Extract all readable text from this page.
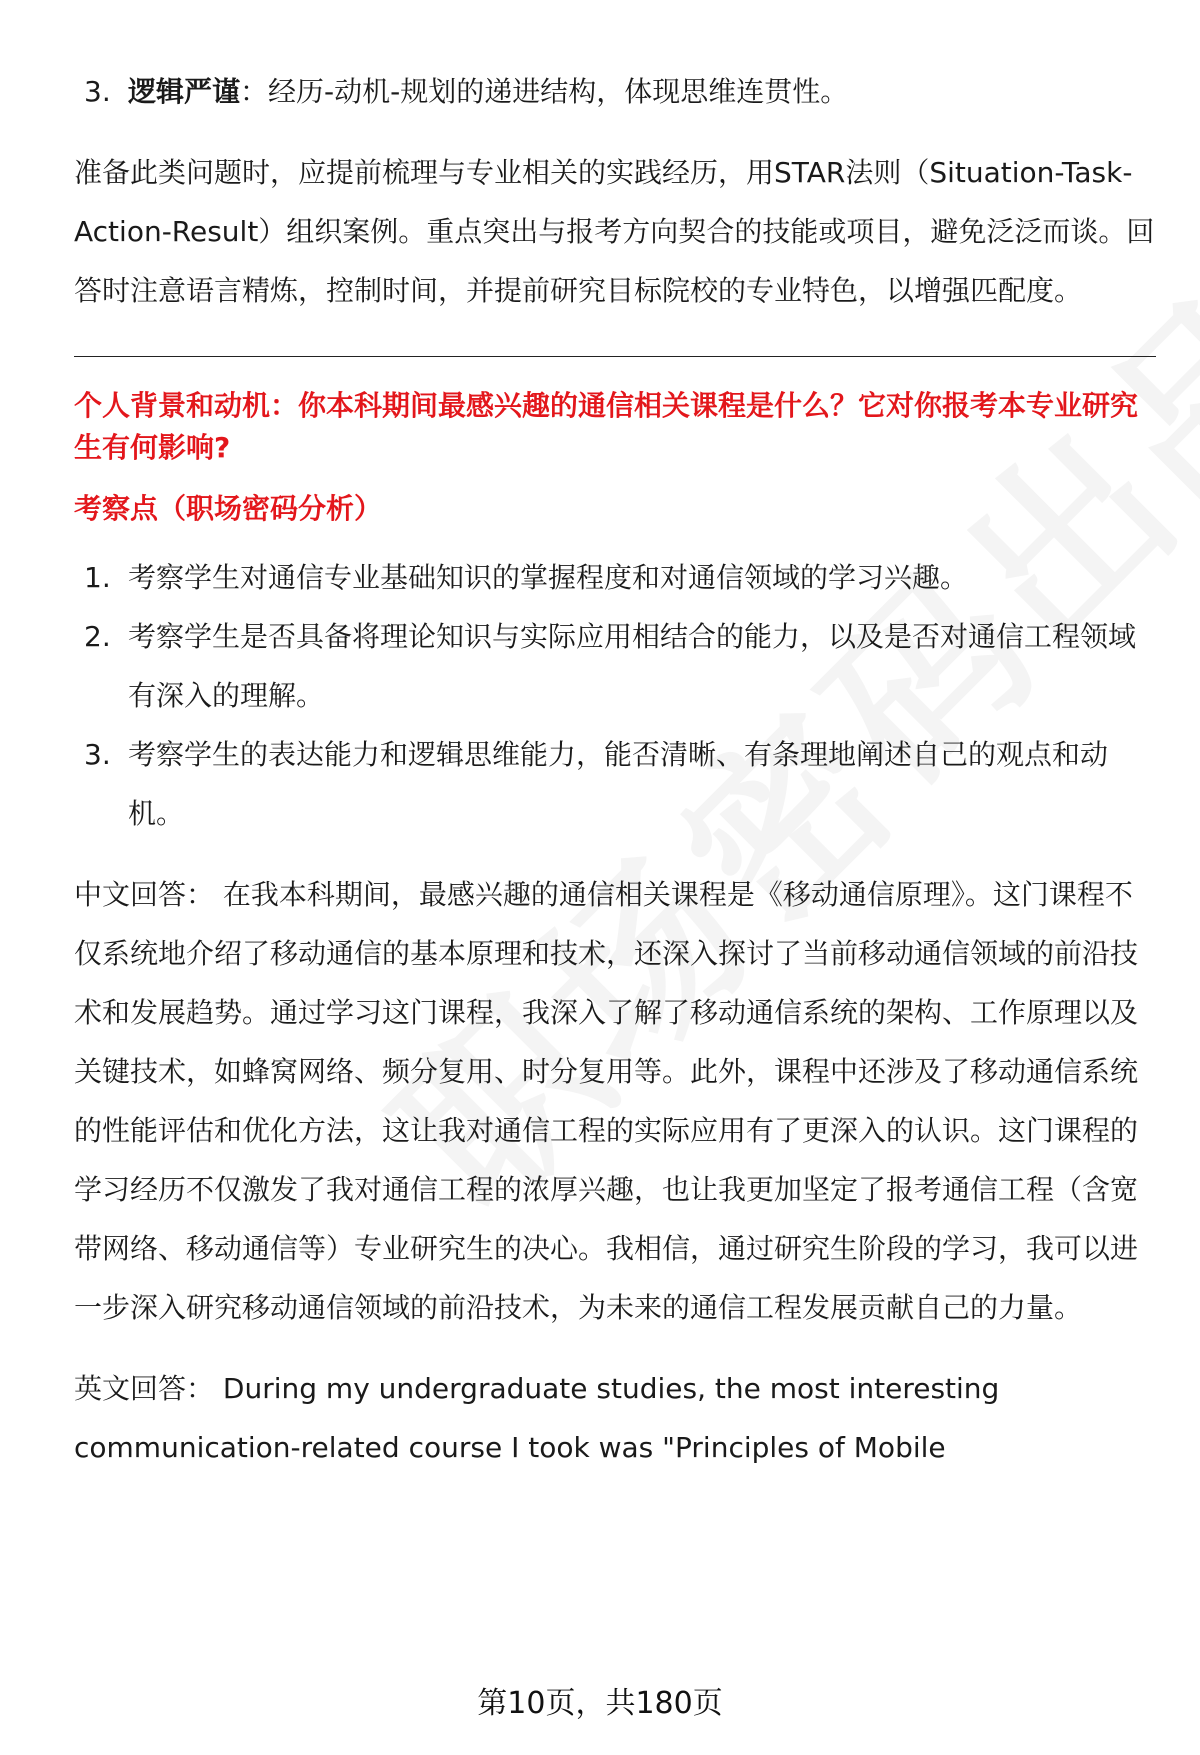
3. 逻辑严谨：经历-动机-规划的递进结构，体现思维连贯性。

准备此类问题时，应提前梳理与专业相关的实践经历，用STAR法则（Situation-Task-Action-Result）组织案例。重点突出与报考方向契合的技能或项目，避免泛泛而谈。回答时注意语言精炼，控制时间，并提前研究目标院校的专业特色，以增强匹配度。

个人背景和动机：你本科期间最感兴趣的通信相关课程是什么？它对你报考本专业研究生有何影响?
考察点（职场密码分析）
1. 考察学生对通信专业基础知识的掌握程度和对通信领域的学习兴趣。
2. 考察学生是否具备将理论知识与实际应用相结合的能力，以及是否对通信工程领域有深入的理解。
3. 考察学生的表达能力和逻辑思维能力，能否清晰、有条理地阐述自己的观点和动机。

中文回答： 在我本科期间，最感兴趣的通信相关课程是《移动通信原理》。这门课程不仅系统地介绍了移动通信的基本原理和技术，还深入探讨了当前移动通信领域的前沿技术和发展趋势。通过学习这门课程，我深入了解了移动通信系统的架构、工作原理以及关键技术，如蜂窝网络、频分复用、时分复用等。此外，课程中还涉及了移动通信系统的性能评估和优化方法，这让我对通信工程的实际应用有了更深入的认识。这门课程的学习经历不仅激发了我对通信工程的浓厚兴趣，也让我更加坚定了报考通信工程（含宽带网络、移动通信等）专业研究生的决心。我相信，通过研究生阶段的学习，我可以进一步深入研究移动通信领域的前沿技术，为未来的通信工程发展贡献自己的力量。

英文回答： During my undergraduate studies, the most interesting communication-related course I took was "Principles of Mobile

第10页，共180页
